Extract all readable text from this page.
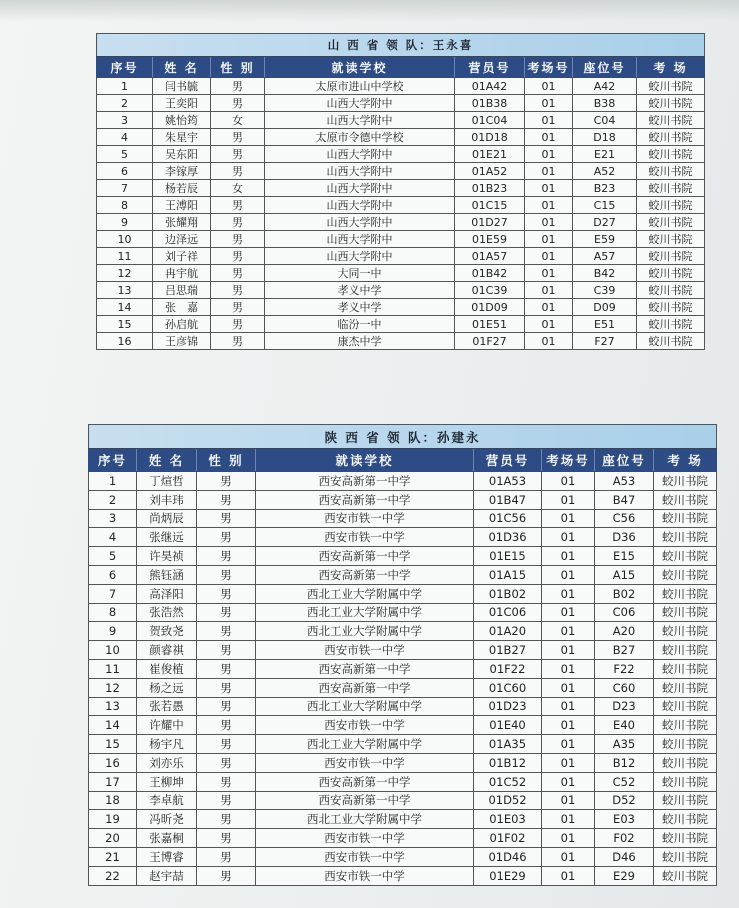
山 西 省 领 队：王永喜							
序号	姓 名	性 别	就读学校	营员号	考场号	座位号	考 场
1	闫书毓	男	太原市进山中学校	01A42	01	A42	蛟川书院
2	王奕阳	男	山西大学附中	01B38	01	B38	蛟川书院
3	姚怡筠	女	山西大学附中	01C04	01	C04	蛟川书院
4	朱星宇	男	太原市令德中学校	01D18	01	D18	蛟川书院
5	吴东阳	男	山西大学附中	01E21	01	E21	蛟川书院
6	李镓厚	男	山西大学附中	01A52	01	A52	蛟川书院
7	杨若辰	女	山西大学附中	01B23	01	B23	蛟川书院
8	王溥阳	男	山西大学附中	01C15	01	C15	蛟川书院
9	张耀翔	男	山西大学附中	01D27	01	D27	蛟川书院
10	边泽远	男	山西大学附中	01E59	01	E59	蛟川书院
11	刘子祥	男	山西大学附中	01A57	01	A57	蛟川书院
12	冉宇航	男	大同一中	01B42	01	B42	蛟川书院
13	吕思瑞	男	孝义中学	01C39	01	C39	蛟川书院
14	张　嘉	男	孝义中学	01D09	01	D09	蛟川书院
15	孙启航	男	临汾一中	01E51	01	E51	蛟川书院
16	王彦锦	男	康杰中学	01F27	01	F27	蛟川书院
陕 西 省 领 队：孙建永							
序号	姓 名	性 别	就读学校	营员号	考场号	座位号	考 场
1	丁煊哲	男	西安高新第一中学	01A53	01	A53	蛟川书院
2	刘丰玮	男	西安高新第一中学	01B47	01	B47	蛟川书院
3	尚炳辰	男	西安市铁一中学	01C56	01	C56	蛟川书院
4	张继远	男	西安市铁一中学	01D36	01	D36	蛟川书院
5	许昊祯	男	西安高新第一中学	01E15	01	E15	蛟川书院
6	熊钰涵	男	西安高新第一中学	01A15	01	A15	蛟川书院
7	高泽阳	男	西北工业大学附属中学	01B02	01	B02	蛟川书院
8	张浩然	男	西北工业大学附属中学	01C06	01	C06	蛟川书院
9	贺致尧	男	西北工业大学附属中学	01A20	01	A20	蛟川书院
10	颜睿祺	男	西安市铁一中学	01B27	01	B27	蛟川书院
11	崔俊植	男	西安高新第一中学	01F22	01	F22	蛟川书院
12	杨之远	男	西安高新第一中学	01C60	01	C60	蛟川书院
13	张若愚	男	西北工业大学附属中学	01D23	01	D23	蛟川书院
14	许耀中	男	西安市铁一中学	01E40	01	E40	蛟川书院
15	杨宇凡	男	西北工业大学附属中学	01A35	01	A35	蛟川书院
16	刘亦乐	男	西安市铁一中学	01B12	01	B12	蛟川书院
17	王柳坤	男	西安高新第一中学	01C52	01	C52	蛟川书院
18	李卓航	男	西安高新第一中学	01D52	01	D52	蛟川书院
19	冯昕尧	男	西北工业大学附属中学	01E03	01	E03	蛟川书院
20	张嘉桐	男	西安市铁一中学	01F02	01	F02	蛟川书院
21	王博睿	男	西安市铁一中学	01D46	01	D46	蛟川书院
22	赵宇喆	男	西安市铁一中学	01E29	01	E29	蛟川书院
